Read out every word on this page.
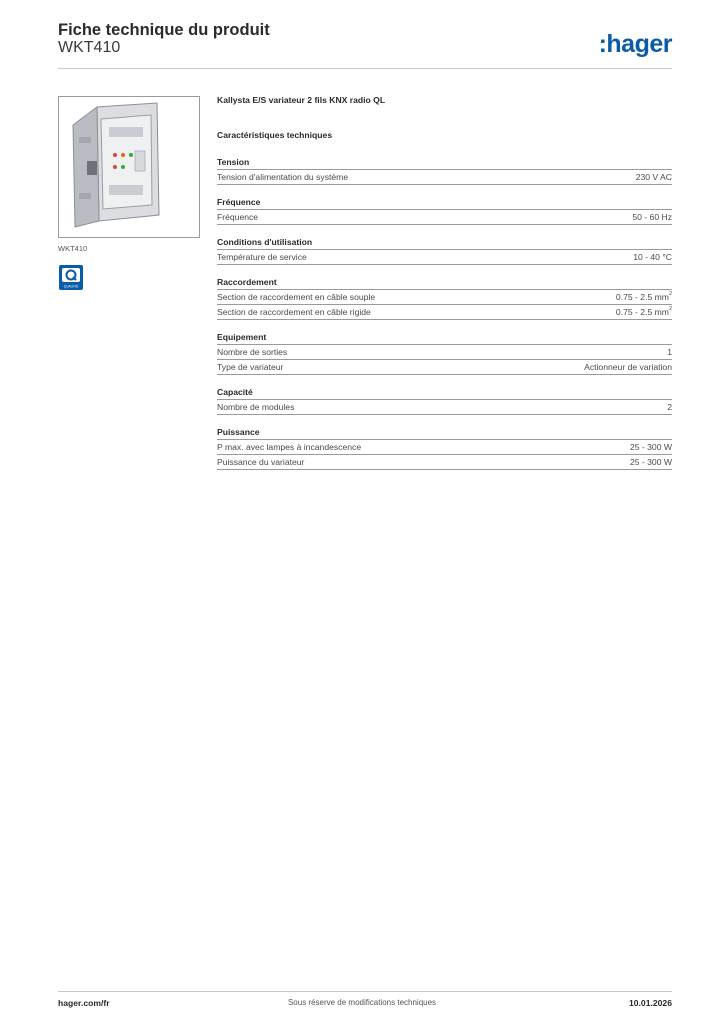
Fiche technique du produit
WKT410	:hager
WKT410
QUALIFIÉ
Kallysta E/S variateur 2 fils KNX radio QL
Caractéristiques techniques
Tension
Tension d'alimentation du système	230 V AC
Fréquence
Fréquence	50 - 60 Hz
Conditions d'utilisation
Température de service	10 - 40 °C
Raccordement
Section de raccordement en câble souple	0.75 - 2.5 $mm^2$
Section de raccordement en câble rigide	0.75 - 2.5 $mm^2$
Equipement
Nombre de sorties	1
Type de variateur	Actionneur de variation
Capacité
Nombre de modules	2
Puissance
P max. avec lampes à incandescence	25 - 300 W
Puissance du variateur	25 - 300 W
hager.com/fr	Sous réserve de modifications techniques	10.01.2026
